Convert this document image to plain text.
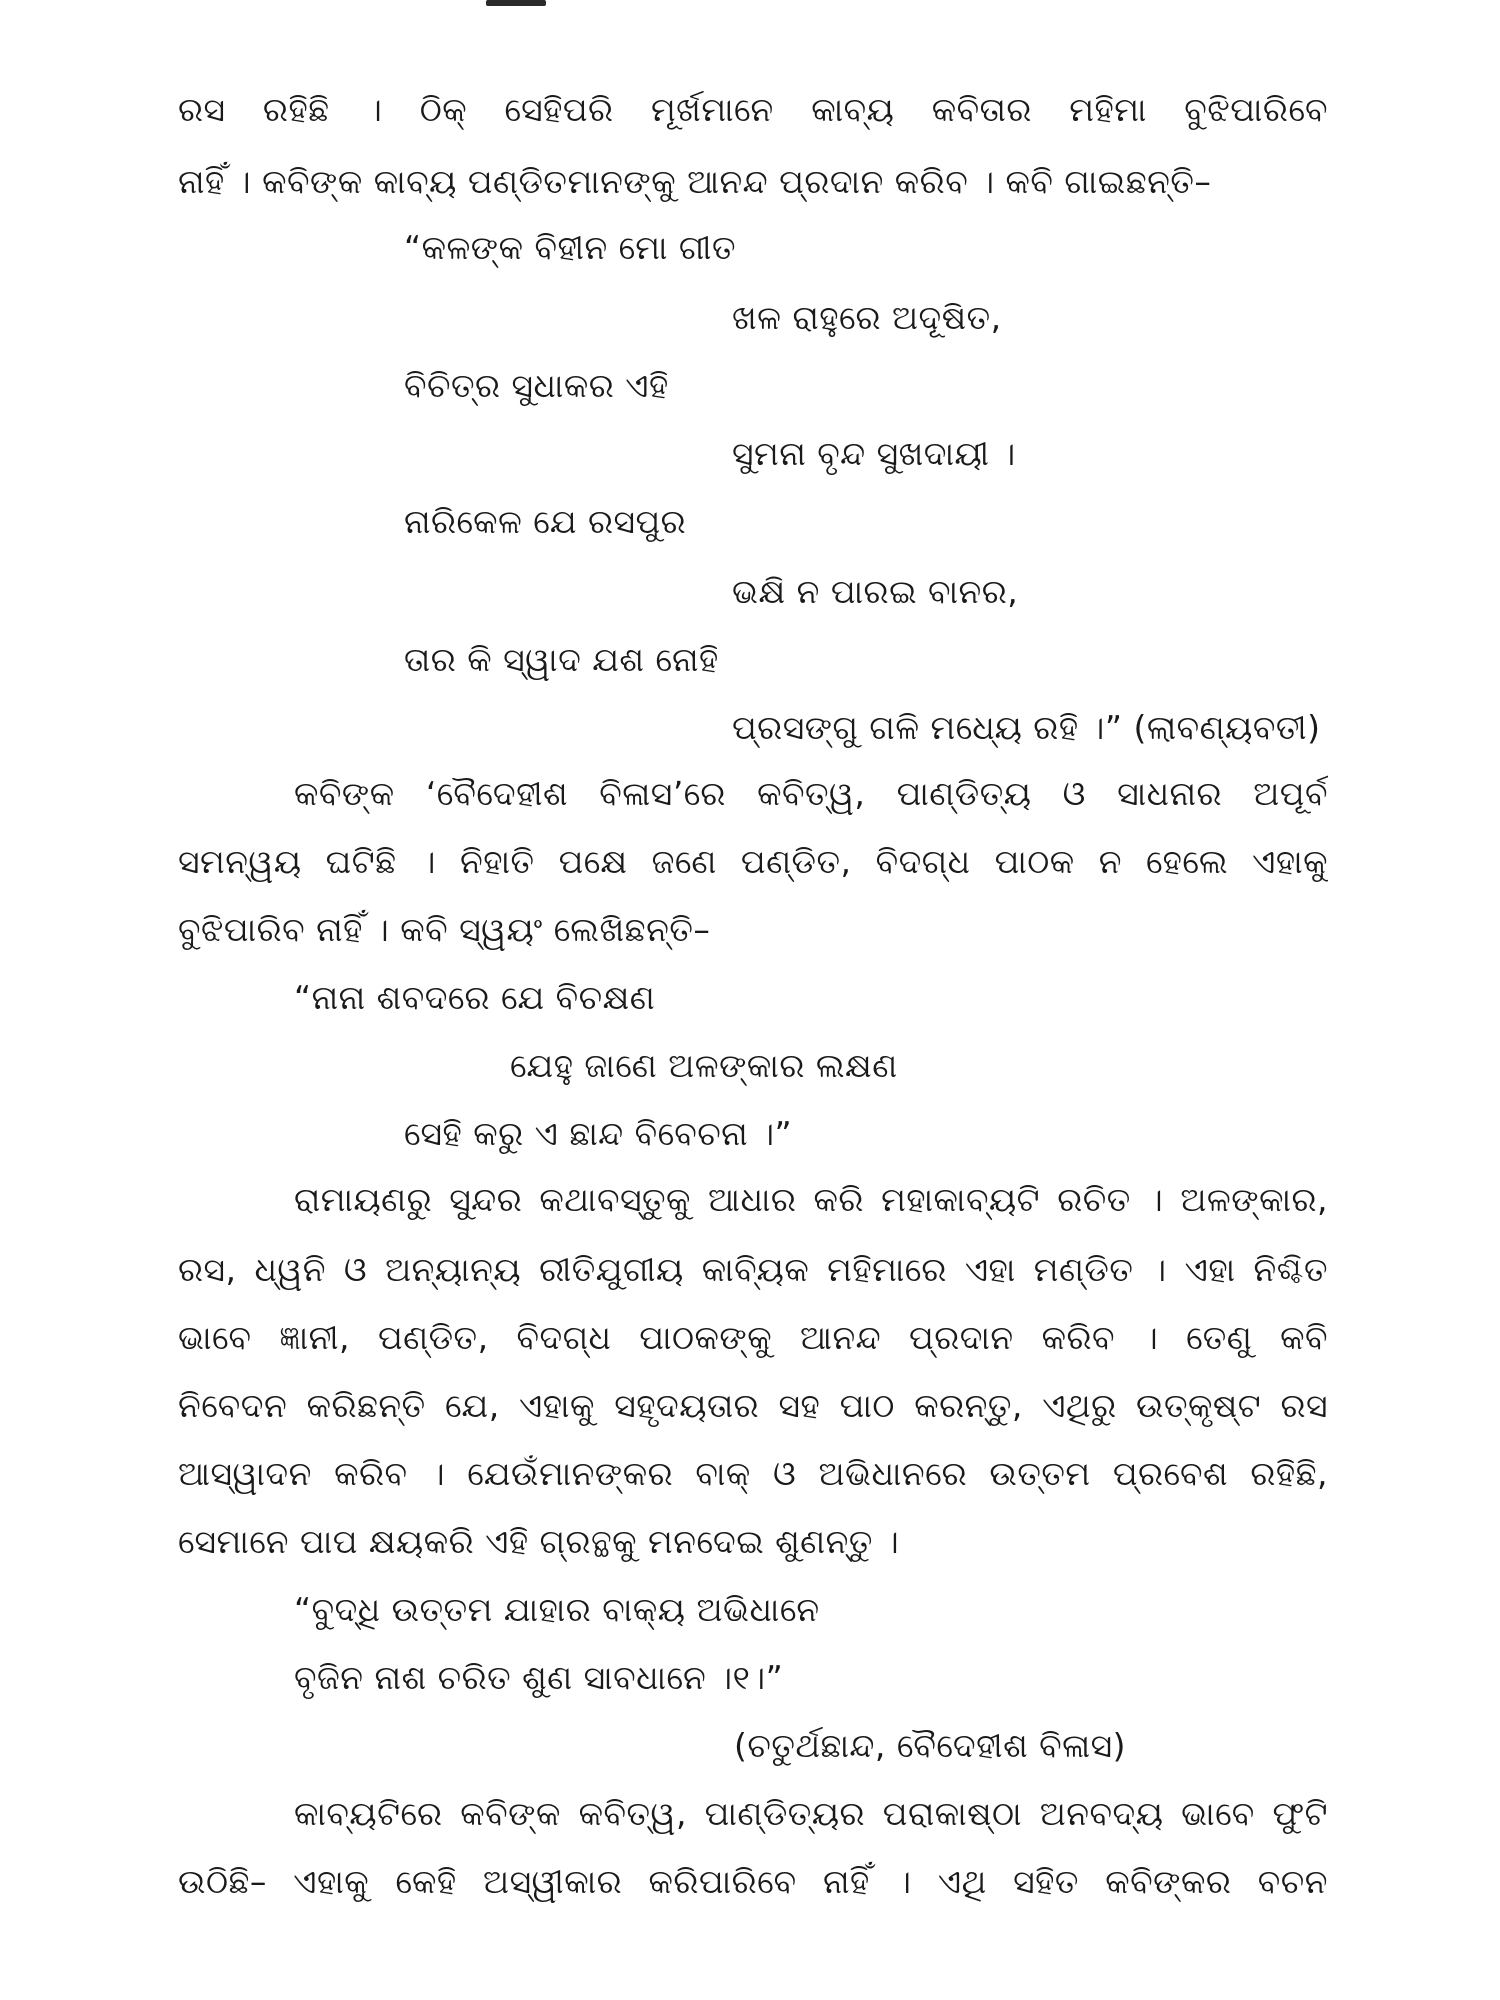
ରସ ରହିଛି । ଠିକ୍ ସେହିପରି ମୂର୍ଖମାନେ କାବ୍ୟ କବିତାର ମହିମା ବୁଝିପାରିବେ
ନାହିଁ । କବିଙ୍କ କାବ୍ୟ ପଣ୍ଡିତମାନଙ୍କୁ ଆନନ୍ଦ ପ୍ରଦାନ କରିବ । କବି ଗାଇଛନ୍ତି–
“କଳଙ୍କ ବିହୀନ ମୋ ଗୀତ
ଖଳ ରାହୁରେ ଅଦୂଷିତ,
ବିଚିତ୍ର ସୁଧାକର ଏହି
ସୁମନା ବୃନ୍ଦ ସୁଖଦାୟୀ ।
ନାରିକେଳ ଯେ ରସପୁର
ଭକ୍ଷି ନ ପାରଇ ବାନର,
ତାର କି ସ୍ୱାଦ ଯଶ ନୋହି
ପ୍ରସଙ୍ଗୁ ଗଳି ମଧ୍ୟେ ରହି ।” (ଲାବଣ୍ୟବତୀ)
କବିଙ୍କ ‘ବୈଦେହୀଶ ବିଳାସ’ରେ କବିତ୍ୱ, ପାଣ୍ଡିତ୍ୟ ଓ ସାଧନାର ଅପୂର୍ବ
ସମନ୍ୱୟ ଘଟିଛି । ନିହାତି ପକ୍ଷେ ଜଣେ ପଣ୍ଡିତ, ବିଦଗ୍ଧ ପାଠକ ନ ହେଲେ ଏହାକୁ
ବୁଝିପାରିବ ନାହିଁ । କବି ସ୍ୱୟଂ ଲେଖିଛନ୍ତି–
“ନାନା ଶବଦରେ ଯେ ବିଚକ୍ଷଣ
ଯେହୁ ଜାଣେ ଅଳଙ୍କାର ଲକ୍ଷଣ
ସେହି କରୁ ଏ ଛାନ୍ଦ ବିବେଚନା ।”
ରାମାୟଣରୁ ସୁନ୍ଦର କଥାବସ୍ତୁକୁ ଆଧାର କରି ମହାକାବ୍ୟଟି ରଚିତ । ଅଳଙ୍କାର,
ରସ, ଧ୍ୱନି ଓ ଅନ୍ୟାନ୍ୟ ରୀତିଯୁଗୀୟ କାବ୍ୟିକ ମହିମାରେ ଏହା ମଣ୍ଡିତ । ଏହା ନିଶ୍ଚିତ
ଭାବେ ଜ୍ଞାନୀ, ପଣ୍ଡିତ, ବିଦଗ୍ଧ ପାଠକଙ୍କୁ ଆନନ୍ଦ ପ୍ରଦାନ କରିବ । ତେଣୁ କବି
ନିବେଦନ କରିଛନ୍ତି ଯେ, ଏହାକୁ ସହୃଦୟତାର ସହ ପାଠ କରନ୍ତୁ, ଏଥିରୁ ଉତ୍କୃଷ୍ଟ ରସ
ଆସ୍ୱାଦନ କରିବ । ଯେଉଁମାନଙ୍କର ବାକ୍ ଓ ଅଭିଧାନରେ ଉତ୍ତମ ପ୍ରବେଶ ରହିଛି,
ସେମାନେ ପାପ କ୍ଷୟକରି ଏହି ଗ୍ରନ୍ଥକୁ ମନଦେଇ ଶୁଣନ୍ତୁ ।
“ବୁଦ୍ଧି ଉତ୍ତମ ଯାହାର ବାକ୍ୟ ଅଭିଧାନେ
ବୃଜିନ ନାଶ ଚରିତ ଶୁଣ ସାବଧାନେ ।୧।”
(ଚତୁର୍ଥଛାନ୍ଦ, ବୈଦେହୀଶ ବିଳାସ)
କାବ୍ୟଟିରେ କବିଙ୍କ କବିତ୍ୱ, ପାଣ୍ଡିତ୍ୟର ପରାକାଷ୍ଠା ଅନବଦ୍ୟ ଭାବେ ଫୁଟି
ଉଠିଛି– ଏହାକୁ କେହି ଅସ୍ୱୀକାର କରିପାରିବେ ନାହିଁ । ଏଥି ସହିତ କବିଙ୍କର ବଚନ
